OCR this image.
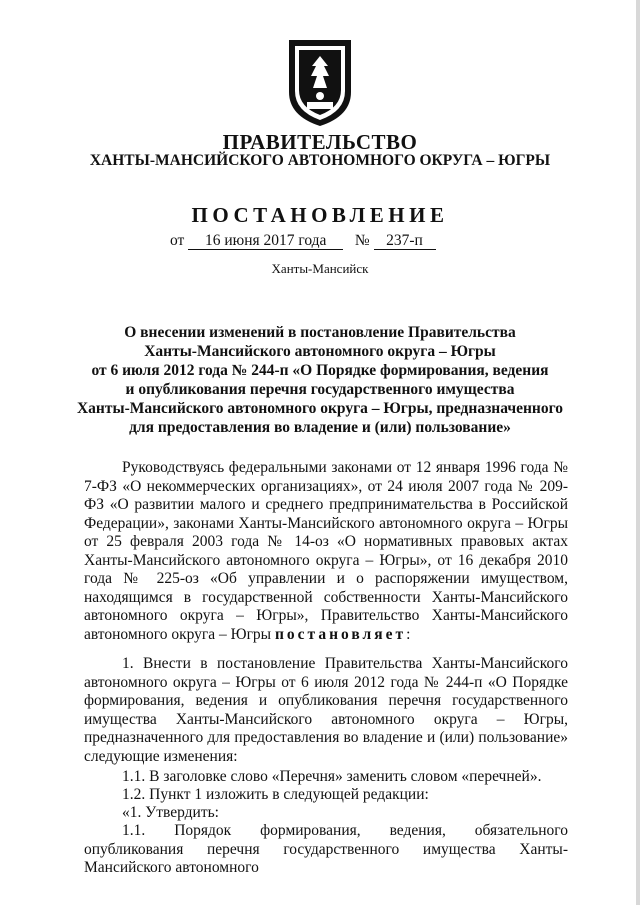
ПРАВИТЕЛЬСТВО
ХАНТЫ-МАНСИЙСКОГО АВТОНОМНОГО ОКРУГА – ЮГРЫ
ПОСТАНОВЛЕНИЕ
от 16 июня 2017 года № 237-п
Ханты-Мансийск
О внесении изменений в постановление Правительства
Ханты-Мансийского автономного округа – Югры
от 6 июля 2012 года № 244-п «О Порядке формирования, ведения
и опубликования перечня государственного имущества
Ханты-Мансийского автономного округа – Югры, предназначенного
для предоставления во владение и (или) пользование»
Руководствуясь федеральными законами от 12 января 1996 года № 7-ФЗ «О некоммерческих организациях», от 24 июля 2007 года № 209-ФЗ «О развитии малого и среднего предпринимательства в Российской Федерации», законами Ханты-Мансийского автономного округа – Югры от 25 февраля 2003 года № 14-оз «О нормативных правовых актах Ханты-Мансийского автономного округа – Югры», от 16 декабря 2010 года № 225-оз «Об управлении и о распоряжении имуществом, находящимся в государственной собственности Ханты-Мансийского автономного округа – Югры», Правительство Ханты-Мансийского автономного округа – Югры постановляет:
1. Внести в постановление Правительства Ханты-Мансийского автономного округа – Югры от 6 июля 2012 года № 244-п «О Порядке формирования, ведения и опубликования перечня государственного имущества Ханты-Мансийского автономного округа – Югры, предназначенного для предоставления во владение и (или) пользование» следующие изменения:
1.1. В заголовке слово «Перечня» заменить словом «перечней».
1.2. Пункт 1 изложить в следующей редакции:
«1. Утвердить:
1.1. Порядок формирования, ведения, обязательного опубликования перечня государственного имущества Ханты-Мансийского автономного
